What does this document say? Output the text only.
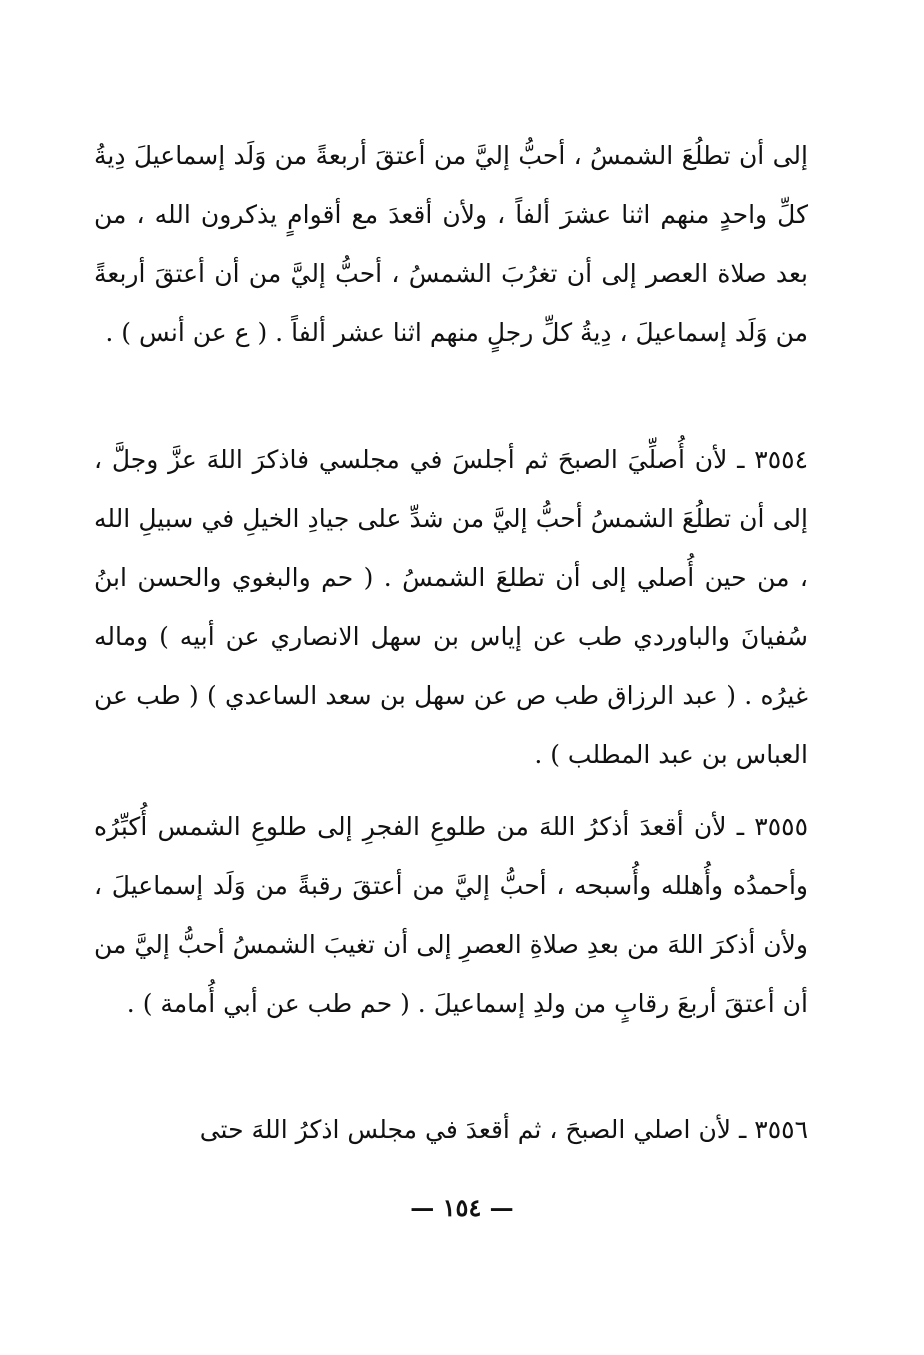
إلى أن تطلُعَ الشمسُ ، أحبُّ إليَّ من أعتقَ أربعةً من وَلَد إسماعيلَ دِيةُ كلِّ واحدٍ منهم اثنا عشرَ ألفاً ، ولأن أقعدَ مع أقوامٍ يذكرون الله ، من بعد صلاة العصر إلى أن تغرُبَ الشمسُ ، أحبُّ إليَّ من أن أعتقَ أربعةً من وَلَد إسماعيلَ ، دِيةُ كلِّ رجلٍ منهم اثنا عشر ألفاً . ( ع عن أنس ) .

٣٥٥٤ ـ لأن أُصلِّيَ الصبحَ ثم أجلسَ في مجلسي فاذكرَ اللهَ عزَّ وجلَّ ، إلى أن تطلُعَ الشمسُ أحبُّ إليَّ من شدِّ على جيادِ الخيلِ في سبيلِ الله ، من حين أُصلي إلى أن تطلعَ الشمسُ . ( حم والبغوي والحسن ابنُ سُفيانَ والباوردي طب عن إياس بن سهل الانصاري عن أبيه ) وماله غيرُه . ( عبد الرزاق طب ص عن سهل بن سعد الساعدي ) ( طب عن العباس بن عبد المطلب ) .

٣٥٥٥ ـ لأن أقعدَ أذكرُ اللهَ من طلوعِ الفجرِ إلى طلوعِ الشمس أُكبِّرُه وأحمدُه وأُهلله وأُسبحه ، أحبُّ إليَّ من أعتقَ رقبةً من وَلَد إسماعيلَ ، ولأن أذكرَ اللهَ من بعدِ صلاةِ العصرِ إلى أن تغيبَ الشمسُ أحبُّ إليَّ من أن أعتقَ أربعَ رقابٍ من ولدِ إسماعيلَ . ( حم طب عن أبي أُمامة ) .

٣٥٥٦ ـ لأن اصلي الصبحَ ، ثم أقعدَ في مجلس اذكرُ اللهَ حتى

— ١٥٤ —
